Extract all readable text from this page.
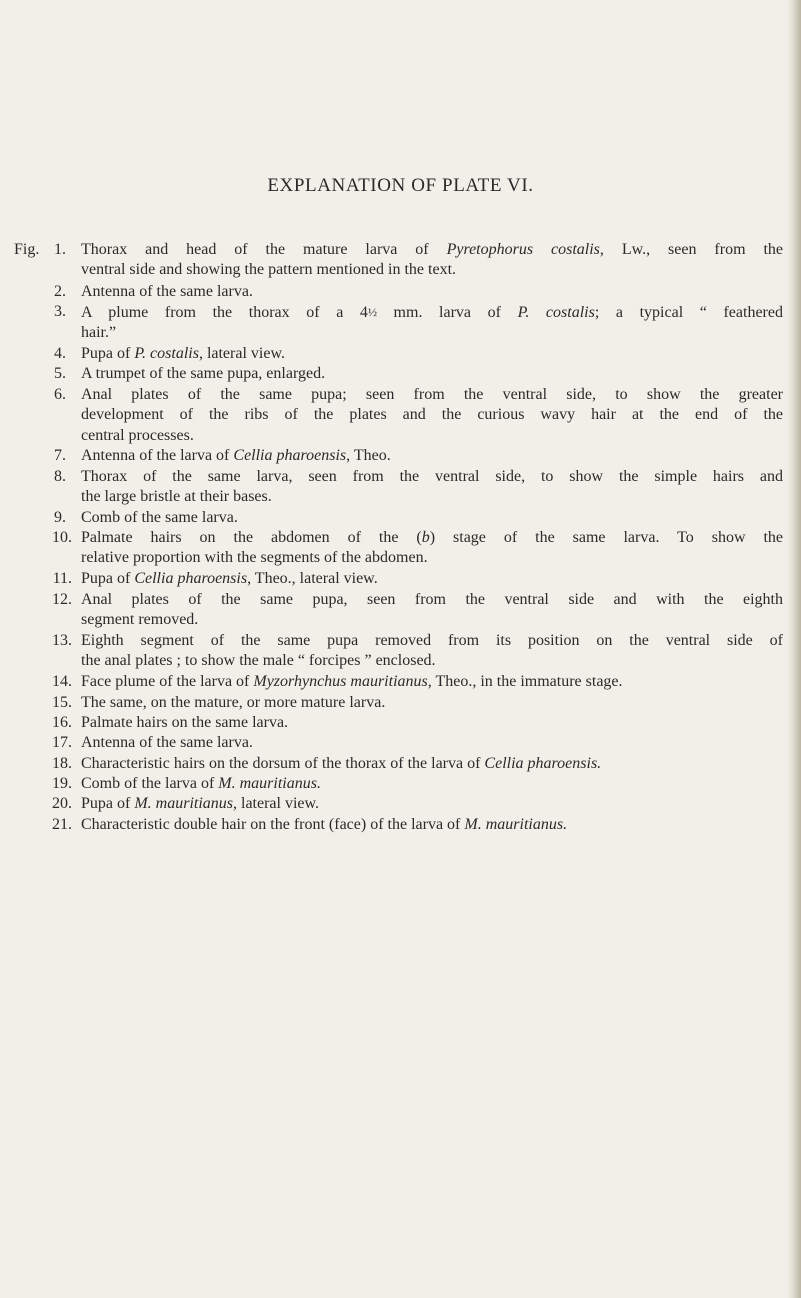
EXPLANATION OF PLATE VI.
Fig. 1. Thorax and head of the mature larva of Pyretophorus costalis, Lw., seen from the
ventral side and showing the pattern mentioned in the text.
2. Antenna of the same larva.
3. A plume from the thorax of a 4½ mm. larva of P. costalis; a typical “ feathered
hair.”
4. Pupa of P. costalis, lateral view.
5. A trumpet of the same pupa, enlarged.
6. Anal plates of the same pupa; seen from the ventral side, to show the greater
development of the ribs of the plates and the curious wavy hair at the end of the
central processes.
7. Antenna of the larva of Cellia pharoensis, Theo.
8. Thorax of the same larva, seen from the ventral side, to show the simple hairs and
the large bristle at their bases.
9. Comb of the same larva.
10. Palmate hairs on the abdomen of the (b) stage of the same larva. To show the
relative proportion with the segments of the abdomen.
11. Pupa of Cellia pharoensis, Theo., lateral view.
12. Anal plates of the same pupa, seen from the ventral side and with the eighth
segment removed.
13. Eighth segment of the same pupa removed from its position on the ventral side of
the anal plates ; to show the male “ forcipes ” enclosed.
14. Face plume of the larva of Myzorhynchus mauritianus, Theo., in the immature stage.
15. The same, on the mature, or more mature larva.
16. Palmate hairs on the same larva.
17. Antenna of the same larva.
18. Characteristic hairs on the dorsum of the thorax of the larva of Cellia pharoensis.
19. Comb of the larva of M. mauritianus.
20. Pupa of M. mauritianus, lateral view.
21. Characteristic double hair on the front (face) of the larva of M. mauritianus.
